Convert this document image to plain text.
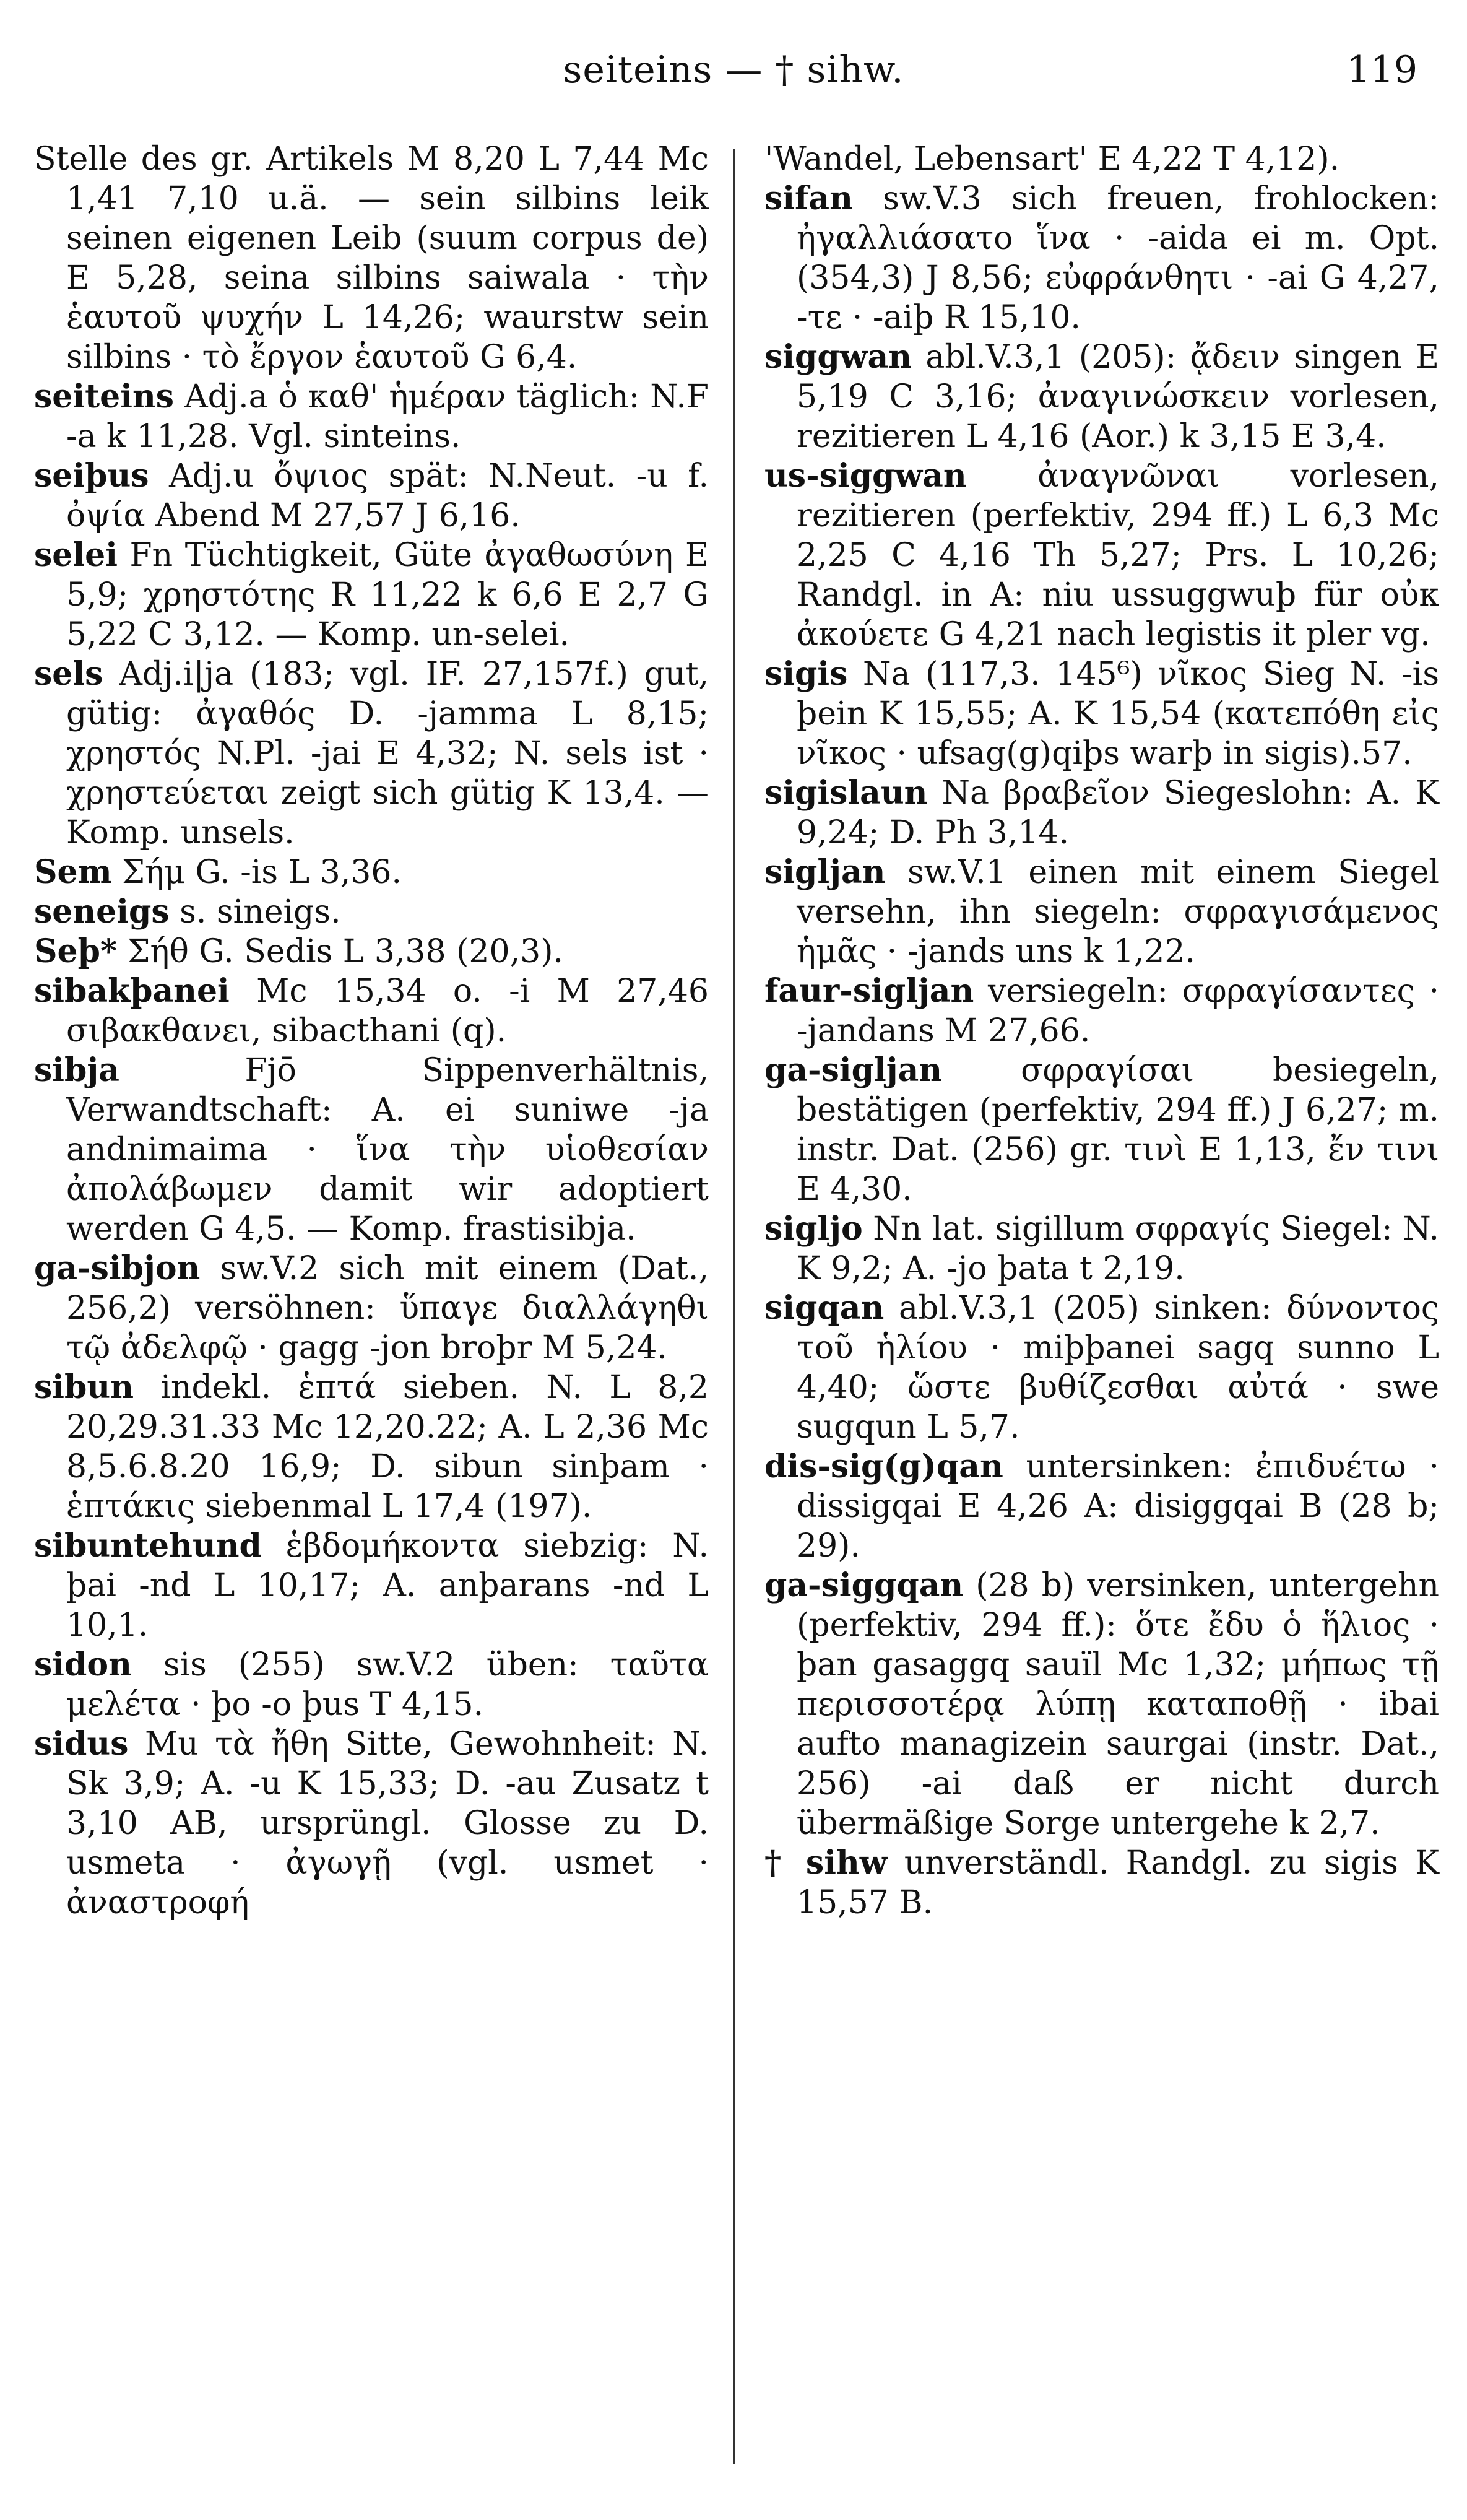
seiteins — † sihw.	119

Stelle des gr. Artikels M 8,20 L 7,44 Mc 1,41 7,10 u.ä. — sein silbins leik seinen eigenen Leib (suum corpus de) E 5,28, seina silbins saiwala · τὴν ἑαυτοῦ ψυχήν L 14,26; waurstw sein silbins · τὸ ἔργον ἑαυτοῦ G 6,4.

seiteins Adj.a ὁ καθ' ἡμέραν täglich: N.F -a k 11,28. Vgl. sinteins.

seiþus Adj.u ὄψιος spät: N.Neut. -u f. ὀψία Abend M 27,57 J 6,16.

selei Fn Tüchtigkeit, Güte ἀγαθωσύνη E 5,9; χρηστότης R 11,22 k 6,6 E 2,7 G 5,22 C 3,12. — Komp. un-selei.

sels Adj.i|ja (183; vgl. IF. 27,157f.) gut, gütig: ἀγαθός D. -jamma L 8,15; χρηστός N.Pl. -jai E 4,32; N. sels ist · χρηστεύεται zeigt sich gütig K 13,4. — Komp. unsels.

Sem Σήμ G. -is L 3,36.

seneigs s. sineigs.

Seþ* Σήθ G. Sedis L 3,38 (20,3).

sibakþanei Mc 15,34 o. -i M 27,46 σιβακθανει, sibacthani (q).

sibja Fjō Sippenverhältnis, Verwandtschaft: A. ei suniwe -ja andnimaima · ἵνα τὴν υἱοθεσίαν ἀπολάβωμεν damit wir adoptiert werden G 4,5. — Komp. frastisibja.

ga-sibjon sw.V.2 sich mit einem (Dat., 256,2) versöhnen: ὕπαγε διαλλάγηθι τῷ ἀδελφῷ · gagg -jon broþr M 5,24.

sibun indekl. ἑπτά sieben. N. L 8,2 20,29.31.33 Mc 12,20.22; A. L 2,36 Mc 8,5.6.8.20 16,9; D. sibun sinþam · ἑπτάκις siebenmal L 17,4 (197).

sibuntehund ἑβδομήκοντα siebzig: N. þai -nd L 10,17; A. anþarans -nd L 10,1.

sidon sis (255) sw.V.2 üben: ταῦτα μελέτα · þo -o þus T 4,15.

sidus Mu τὰ ἤθη Sitte, Gewohnheit: N. Sk 3,9; A. -u K 15,33; D. -au Zusatz t 3,10 AB, ursprüngl. Glosse zu D. usmeta · ἀγωγῇ (vgl. usmet · ἀναστροφή

'Wandel, Lebensart' E 4,22 T 4,12).

sifan sw.V.3 sich freuen, frohlocken: ἠγαλλιάσατο ἵνα · -aida ei m. Opt. (354,3) J 8,56; εὐφράνθητι · -ai G 4,27, -τε · -aiþ R 15,10.

siggwan abl.V.3,1 (205): ᾄδειν singen E 5,19 C 3,16; ἀναγινώσκειν vorlesen, rezitieren L 4,16 (Aor.) k 3,15 E 3,4.

us-siggwan ἀναγνῶναι vorlesen, rezitieren (perfektiv, 294 ff.) L 6,3 Mc 2,25 C 4,16 Th 5,27; Prs. L 10,26; Randgl. in A: niu ussuggwuþ für οὐκ ἀκούετε G 4,21 nach legistis it pler vg.

sigis Na (117,3. 145⁶) νῖκος Sieg N. -is þein K 15,55; A. K 15,54 (κατεπόθη εἰς νῖκος · ufsag(g)qiþs warþ in sigis).57.

sigislaun Na βραβεῖον Siegeslohn: A. K 9,24; D. Ph 3,14.

sigljan sw.V.1 einen mit einem Siegel versehn, ihn siegeln: σφραγισάμενος ἡμᾶς · -jands uns k 1,22.

faur-sigljan versiegeln: σφραγίσαντες · -jandans M 27,66.

ga-sigljan σφραγίσαι besiegeln, bestätigen (perfektiv, 294 ff.) J 6,27; m. instr. Dat. (256) gr. τινὶ E 1,13, ἔν τινι E 4,30.

sigljo Nn lat. sigillum σφραγίς Siegel: N. K 9,2; A. -jo þata t 2,19.

sigqan abl.V.3,1 (205) sinken: δύνοντος τοῦ ἡλίου · miþþanei sagq sunno L 4,40; ὥστε βυθίζεσθαι αὐτά · swe sugqun L 5,7.

dis-sig(g)qan untersinken: ἐπιδυέτω · dissigqai E 4,26 A: disiggqai B (28 b; 29).

ga-siggqan (28 b) versinken, untergehn (perfektiv, 294 ff.): ὅτε ἔδυ ὁ ἥλιος · þan gasaggq sauïl Mc 1,32; μήπως τῇ περισσοτέρᾳ λύπῃ καταποθῇ · ibai aufto managizein saurgai (instr. Dat., 256) -ai daß er nicht durch übermäßige Sorge untergehe k 2,7.

† sihw unverständl. Randgl. zu sigis K 15,57 B.
